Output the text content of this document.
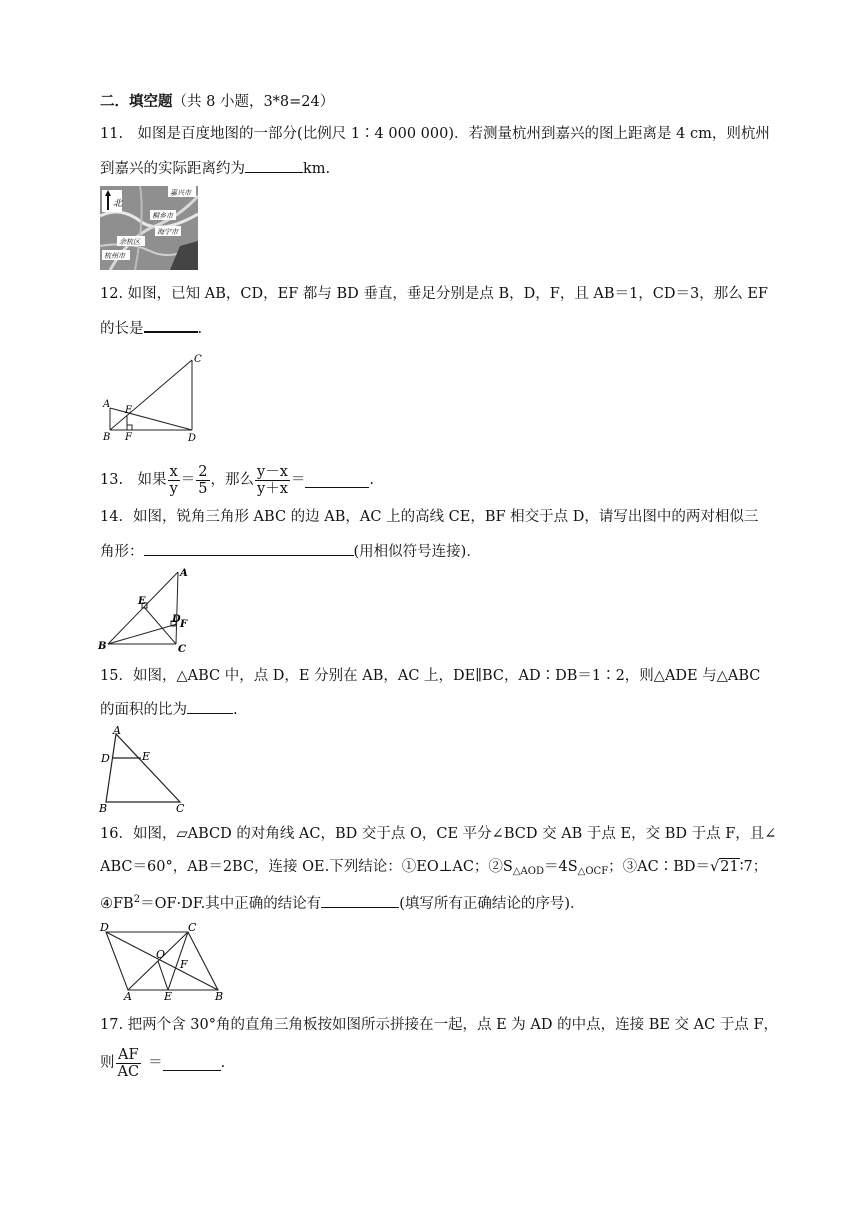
二．填空题（共 8 小题，3*8=24）
11.　如图是百度地图的一部分(比例尺 1∶4 000 000)．若测量杭州到嘉兴的图上距离是 4 cm，则杭州
到嘉兴的实际距离约为	km.
北
嘉兴市
桐乡市
海宁市
余杭区
杭州市
12. 如图，已知 AB，CD，EF 都与 BD 垂直，垂足分别是点 B，D，F，且 AB＝1，CD＝3，那么 EF
的长是	.
A
B
C
D
E
F
13.　如果 $\frac{x}{y} = \frac{2}{5}$ ，那么 $\frac{y-x}{y+x}$ ＝	.
14．如图，锐角三角形 ABC 的边 AB，AC 上的高线 CE，BF 相交于点 D，请写出图中的两对相似三
角形：	(用相似符号连接)．
A
B	C
D
E
F
15．如图，△ABC 中，点 D，E 分别在 AB，AC 上，DE∥BC，AD∶DB＝1∶2，则△ADE 与△ABC
的面积的比为	.
A
B	C
D	E
16．如图，▱ABCD 的对角线 AC，BD 交于点 O，CE 平分∠BCD 交 AB 于点 E，交 BD 于点 F，且∠
ABC＝60°，AB＝2BC，连接 OE.下列结论：①EO⊥AC；$②S_{\triangle AOD}=4S_{\triangle OCF}$；③AC∶BD＝√21∶7；
$④FB^2=OF\cdot DF$.其中正确的结论有	(填写所有正确结论的序号)．
D	C
A	E	B
O
F
17. 把两个含 30°角的直角三角板按如图所示拼接在一起，点 E 为 AD 的中点，连接 BE 交 AC 于点 F，
则 $\frac{AF}{AC}$ ＝	.
